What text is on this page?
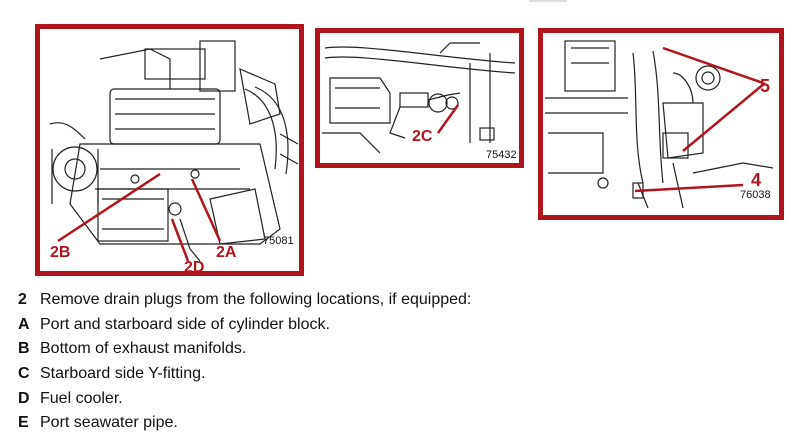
75081
2B
2D
2A
75432
2C
76038
5
4
2 Remove drain plugs from the following locations, if equipped:
A Port and starboard side of cylinder block.
B Bottom of exhaust manifolds.
C Starboard side Y-fitting.
D Fuel cooler.
E Port seawater pipe.
